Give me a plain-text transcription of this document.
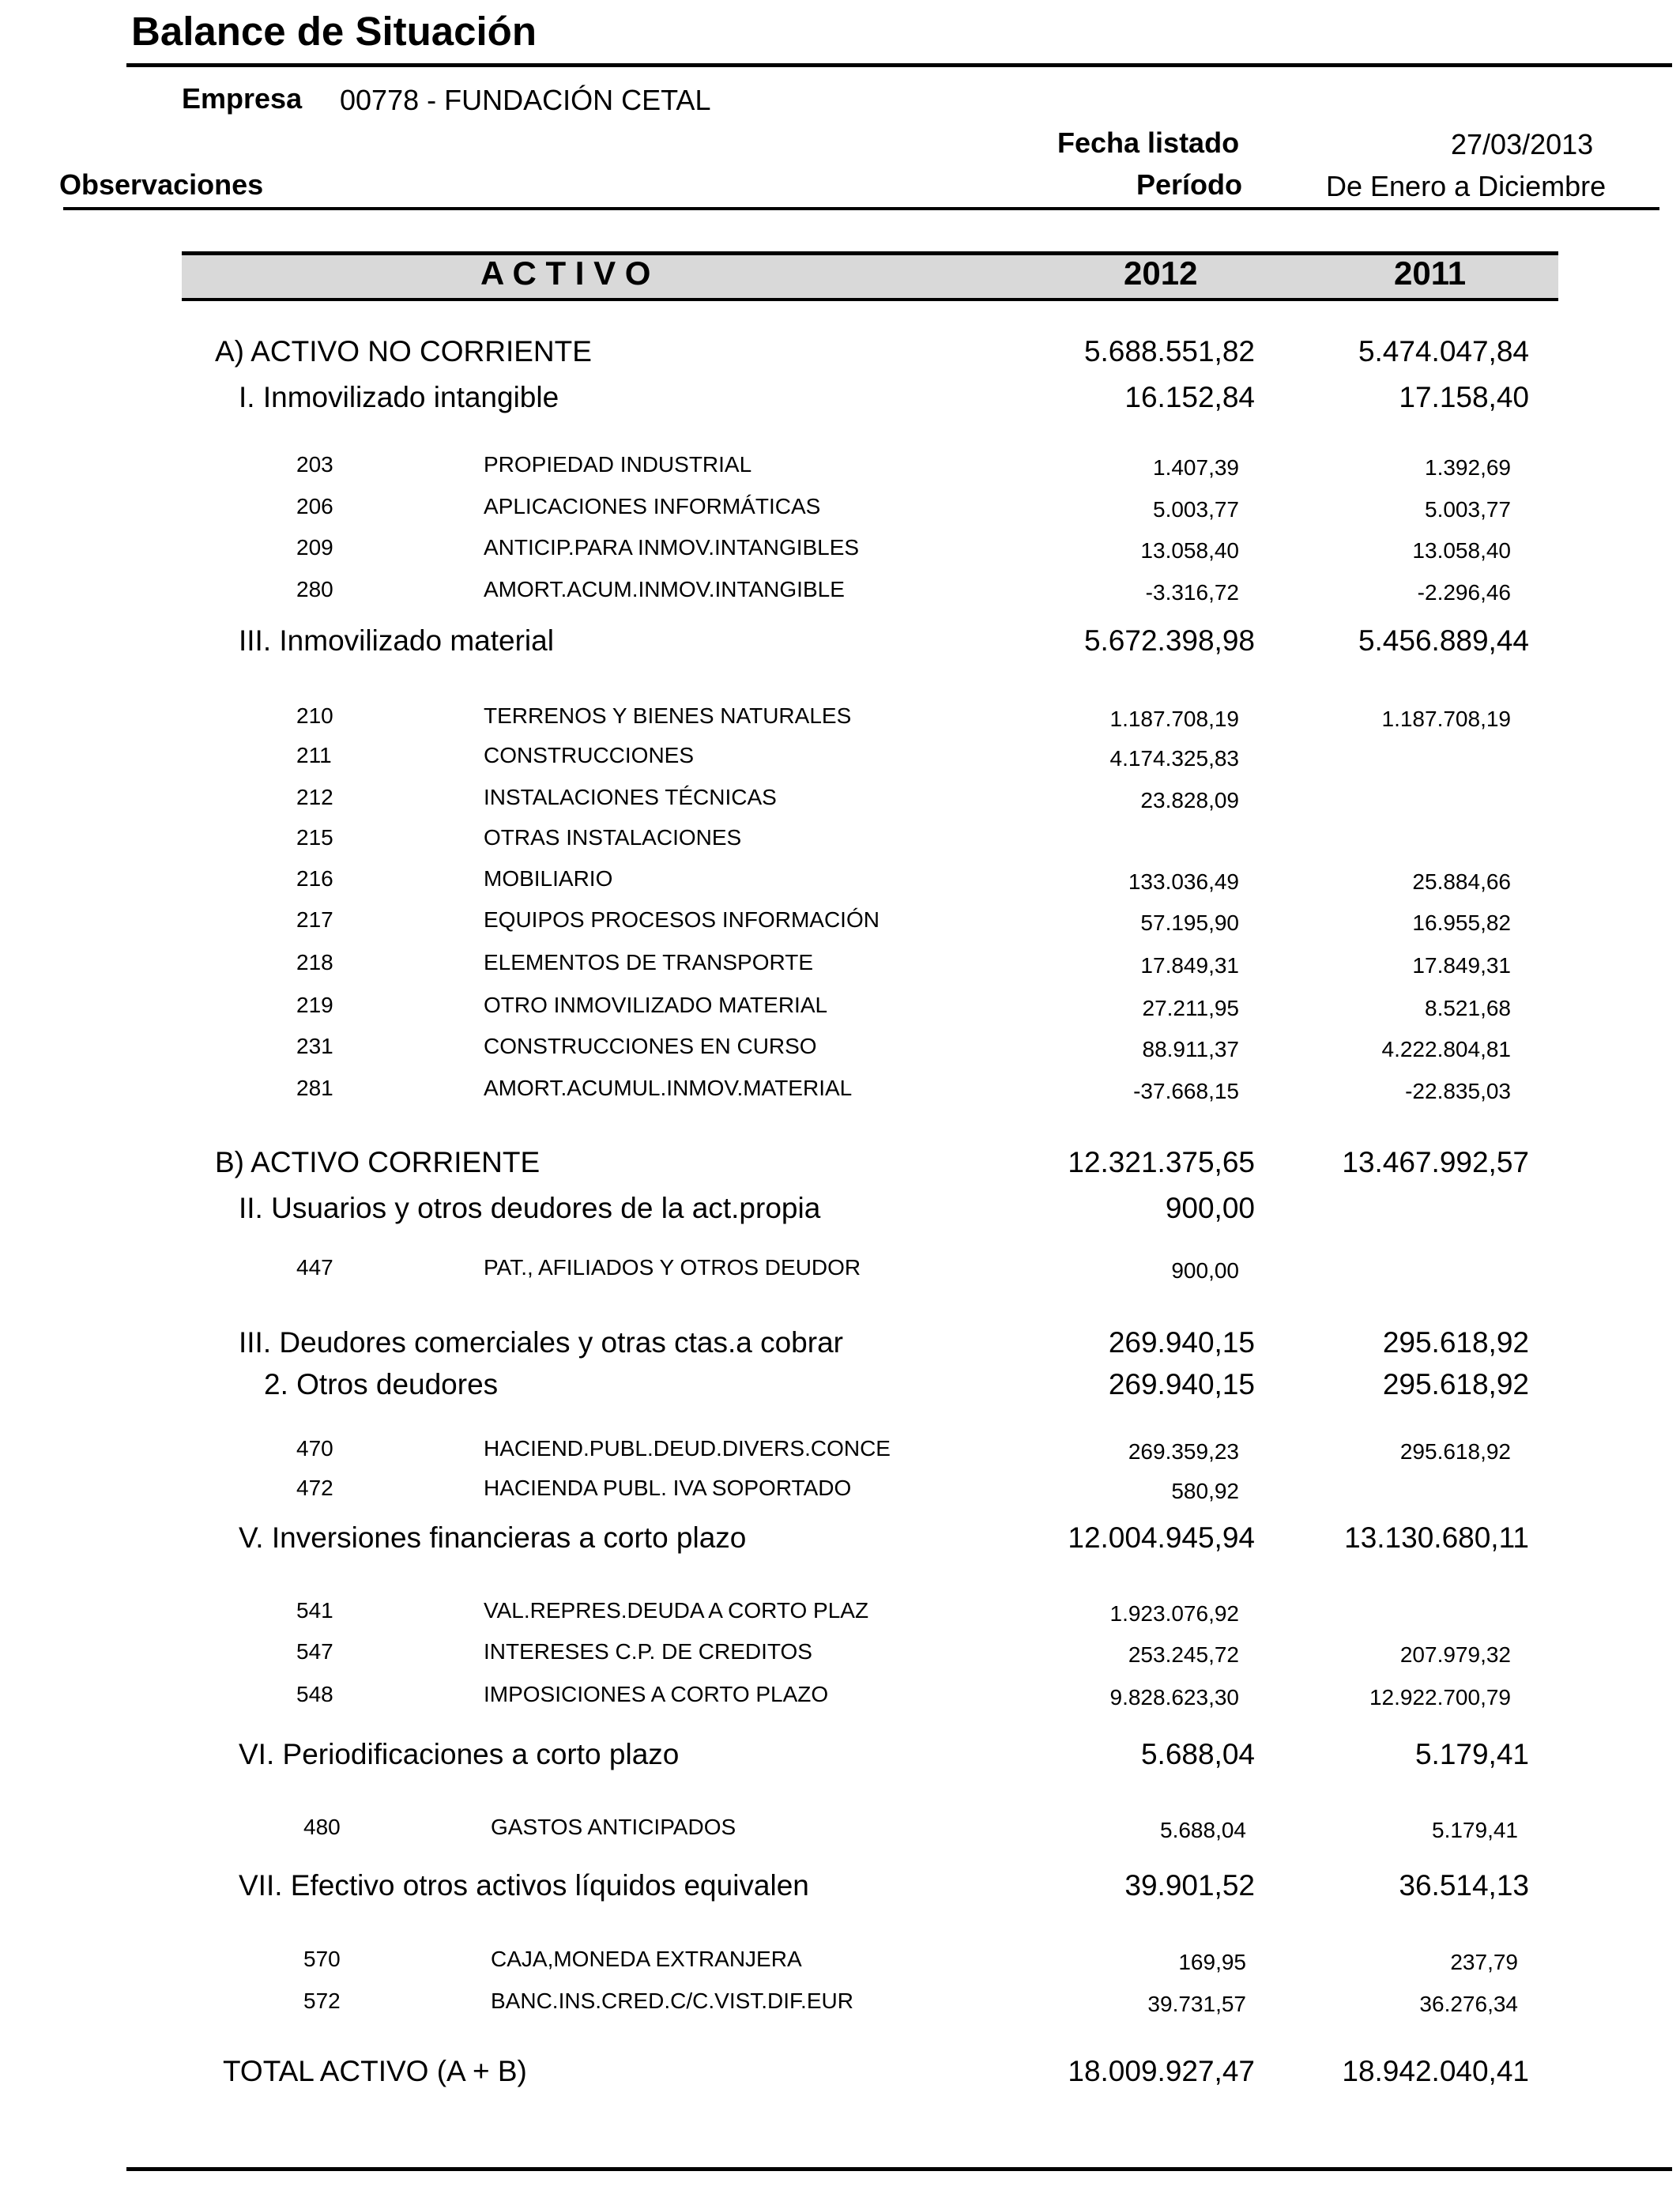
Balance de Situación
Empresa 00778 - FUNDACIÓN CETAL
Fecha listado	27/03/2013
Observaciones	Período	De Enero a Diciembre
A C T I V O	2012	2011
A) ACTIVO NO CORRIENTE	5.688.551,82	5.474.047,84
I. Inmovilizado intangible	16.152,84	17.158,40
203	PROPIEDAD INDUSTRIAL	1.407,39	1.392,69
206	APLICACIONES INFORMÁTICAS	5.003,77	5.003,77
209	ANTICIP.PARA INMOV.INTANGIBLES	13.058,40	13.058,40
280	AMORT.ACUM.INMOV.INTANGIBLE	-3.316,72	-2.296,46
III. Inmovilizado material	5.672.398,98	5.456.889,44
210	TERRENOS Y BIENES NATURALES	1.187.708,19	1.187.708,19
211	CONSTRUCCIONES	4.174.325,83
212	INSTALACIONES TÉCNICAS	23.828,09
215	OTRAS INSTALACIONES
216	MOBILIARIO	133.036,49	25.884,66
217	EQUIPOS PROCESOS INFORMACIÓN	57.195,90	16.955,82
218	ELEMENTOS DE TRANSPORTE	17.849,31	17.849,31
219	OTRO INMOVILIZADO MATERIAL	27.211,95	8.521,68
231	CONSTRUCCIONES EN CURSO	88.911,37	4.222.804,81
281	AMORT.ACUMUL.INMOV.MATERIAL	-37.668,15	-22.835,03
B) ACTIVO CORRIENTE	12.321.375,65	13.467.992,57
II. Usuarios y otros deudores de la act.propia	900,00
447	PAT., AFILIADOS Y OTROS DEUDOR	900,00
III. Deudores comerciales y otras ctas.a cobrar	269.940,15	295.618,92
2. Otros deudores	269.940,15	295.618,92
470	HACIEND.PUBL.DEUD.DIVERS.CONCE	269.359,23	295.618,92
472	HACIENDA PUBL. IVA SOPORTADO	580,92
V. Inversiones financieras a corto plazo	12.004.945,94	13.130.680,11
541	VAL.REPRES.DEUDA A CORTO PLAZ	1.923.076,92
547	INTERESES C.P. DE CREDITOS	253.245,72	207.979,32
548	IMPOSICIONES A CORTO PLAZO	9.828.623,30	12.922.700,79
VI. Periodificaciones a corto plazo	5.688,04	5.179,41
480	GASTOS ANTICIPADOS	5.688,04	5.179,41
VII. Efectivo otros activos líquidos equivalen	39.901,52	36.514,13
570	CAJA,MONEDA EXTRANJERA	169,95	237,79
572	BANC.INS.CRED.C/C.VIST.DIF.EUR	39.731,57	36.276,34
TOTAL ACTIVO (A + B)	18.009.927,47	18.942.040,41
